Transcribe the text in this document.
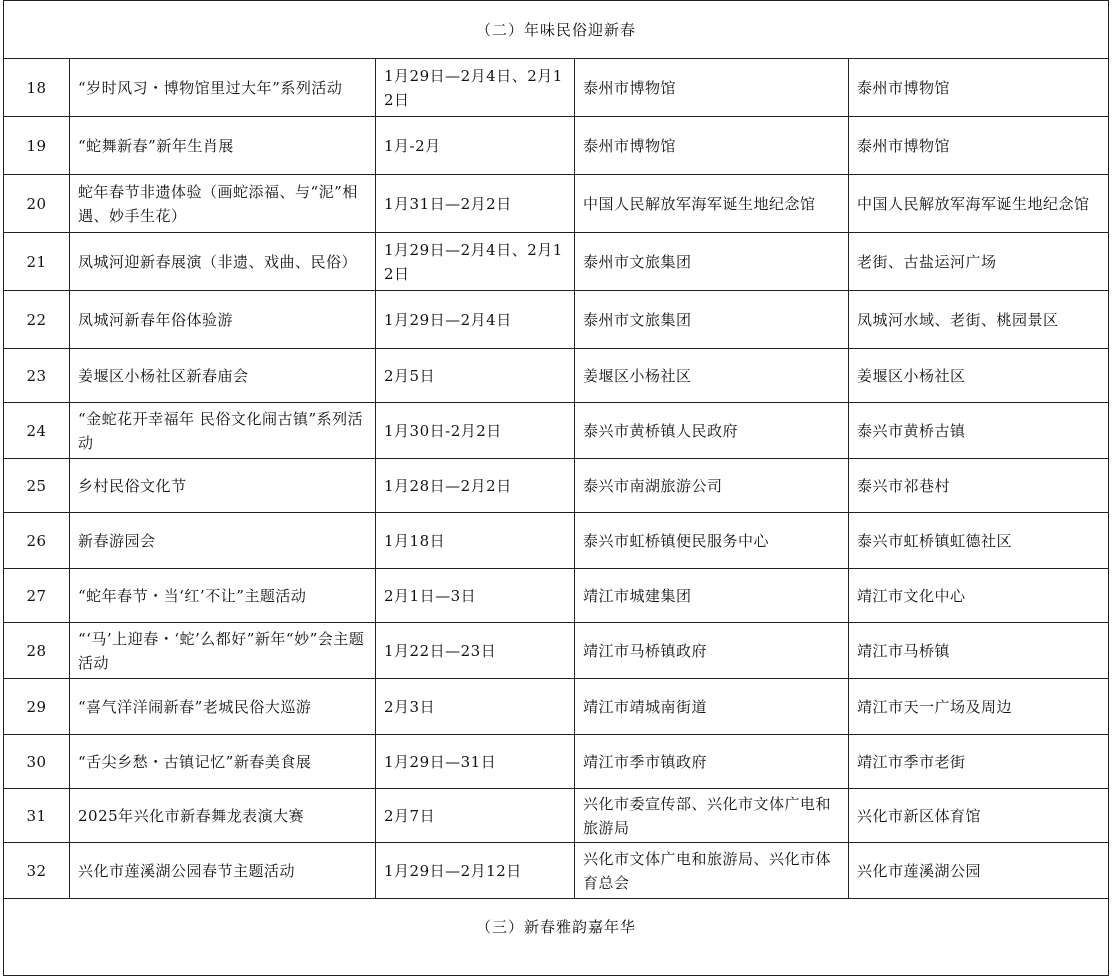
（二）年味民俗迎新春				
18	“岁时风习・博物馆里过大年”系列活动	1月29日—2月4日、2月12日	泰州市博物馆	泰州市博物馆
19	“蛇舞新春”新年生肖展	1月-2月	泰州市博物馆	泰州市博物馆
20	蛇年春节非遗体验（画蛇添福、与“泥”相遇、妙手生花）	1月31日—2月2日	中国人民解放军海军诞生地纪念馆	中国人民解放军海军诞生地纪念馆
21	凤城河迎新春展演（非遗、戏曲、民俗）	1月29日—2月4日、2月12日	泰州市文旅集团	老街、古盐运河广场
22	凤城河新春年俗体验游	1月29日—2月4日	泰州市文旅集团	凤城河水域、老街、桃园景区
23	姜堰区小杨社区新春庙会	2月5日	姜堰区小杨社区	姜堰区小杨社区
24	“金蛇花开幸福年 民俗文化闹古镇”系列活动	1月30日-2月2日	泰兴市黄桥镇人民政府	泰兴市黄桥古镇
25	乡村民俗文化节	1月28日—2月2日	泰兴市南湖旅游公司	泰兴市祁巷村
26	新春游园会	1月18日	泰兴市虹桥镇便民服务中心	泰兴市虹桥镇虹德社区
27	“蛇年春节・当‘红’不让”主题活动	2月1日—3日	靖江市城建集团	靖江市文化中心
28	“‘马’上迎春・‘蛇’么都好”新年“妙”会主题活动	1月22日—23日	靖江市马桥镇政府	靖江市马桥镇
29	“喜气洋洋闹新春”老城民俗大巡游	2月3日	靖江市靖城南街道	靖江市天一广场及周边
30	“舌尖乡愁・古镇记忆”新春美食展	1月29日—31日	靖江市季市镇政府	靖江市季市老街
31	2025年兴化市新春舞龙表演大赛	2月7日	兴化市委宣传部、兴化市文体广电和旅游局	兴化市新区体育馆
32	兴化市莲溪湖公园春节主题活动	1月29日—2月12日	兴化市文体广电和旅游局、兴化市体育总会	兴化市莲溪湖公园
（三）新春雅韵嘉年华				
